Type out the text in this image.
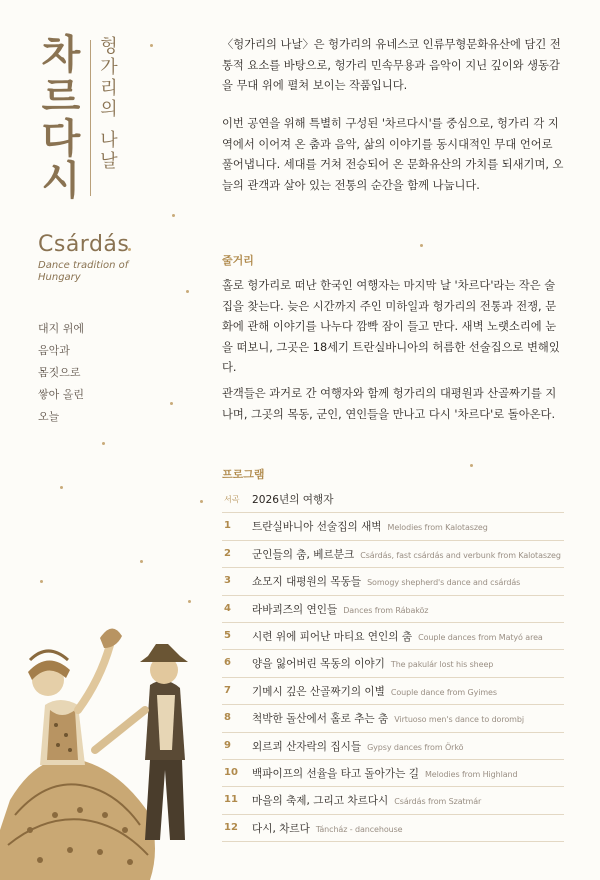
차
르
다
시
헝
가
리
의
나
날
Csárdás
Dance tradition of Hungary
대지 위에
음악과
몸짓으로
쌓아 올린
오늘

〈헝가리의 나날〉은 헝가리의 유네스코 인류무형문화유산에 담긴 전통적 요소를 바탕으로, 헝가리 민속무용과 음악이 지닌 깊이와 생동감을 무대 위에 펼쳐 보이는 작품입니다.

이번 공연을 위해 특별히 구성된 '차르다시'를 중심으로, 헝가리 각 지역에서 이어져 온 춤과 음악, 삶의 이야기를 동시대적인 무대 언어로 풀어냅니다. 세대를 거쳐 전승되어 온 문화유산의 가치를 되새기며, 오늘의 관객과 살아 있는 전통의 순간을 함께 나눕니다.

줄거리

홀로 헝가리로 떠난 한국인 여행자는 마지막 날 '차르다'라는 작은 술집을 찾는다. 늦은 시간까지 주인 미하일과 헝가리의 전통과 전쟁, 문화에 관해 이야기를 나누다 깜빡 잠이 들고 만다. 새벽 노랫소리에 눈을 떠보니, 그곳은 18세기 트란실바니아의 허름한 선술집으로 변해있다.

관객들은 과거로 간 여행자와 함께 헝가리의 대평원과 산골짜기를 지나며, 그곳의 목동, 군인, 연인들을 만나고 다시 '차르다'로 돌아온다.

프로그램
서곡 2026년의 여행자
1 트란실바니아 선술집의 새벽 Melodies from Kalotaszeg
2 군인들의 춤, 베르분크 Csárdás, fast csárdás and verbunk from Kalotaszeg
3 쇼모지 대평원의 목동들 Somogy shepherd's dance and csárdás
4 라바쾨즈의 연인들 Dances from Rábaköz
5 시련 위에 피어난 마티요 연인의 춤 Couple dances from Matyó area
6 양을 잃어버린 목동의 이야기 The pakulár lost his sheep
7 기메시 깊은 산골짜기의 이별 Couple dance from Gyimes
8 척박한 돌산에서 홀로 추는 춤 Virtuoso men's dance to dorombj
9 외르쾨 산자락의 집시들 Gypsy dances from Örkö
10 백파이프의 선율을 타고 돌아가는 길 Melodies from Highland
11 마을의 축제, 그리고 차르다시 Csárdás from Szatmár
12 다시, 차르다 Táncház - dancehouse
